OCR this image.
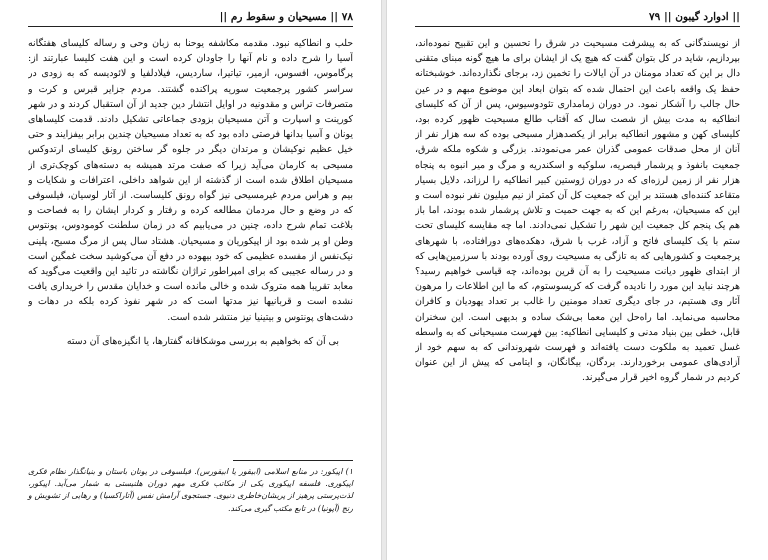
۷۸ || مسیحیان و سقوط رم ||

حلب و انطاکیه نبود. مقدمه مکاشفه یوحنا به زبان وحی و رساله کلیسای هفتگانه آسیا را شرح داده و نام آنها را جاودان کرده است و این هفت کلیسا عبارتند از: پرگاموس، افسوس، ازمیر، تیاتیرا، ساردیس، فیلادلفیا و لائودیسه که به زودی در سراسر کشور پرجمعیت سوریه پراکنده گشتند. مردم جزایر قبرس و کرت و متصرفات تراس و مقدونیه در اوایل انتشار دین جدید از آن استقبال کردند و در شهر کورینت و اسپارت و آتن مسیحیان بزودی جماعاتی تشکیل دادند. قدمت کلیساهای یونان و آسیا بدانها فرصتی داده بود که به تعداد مسیحیان چندین برابر بیفزایند و حتی خیل عظیم نوکیشان و مرتدان دیگر در جلوه گر ساختن رونق کلیسای ارتدوکس مسیحی به کارمان می‌آید زیرا که صفت مرتد همیشه به دسته‌های کوچک‌تری از مسیحیان اطلاق شده است از گذشته از این شواهد داخلی، اعترافات و شکایات و بیم و هراس مردم غیرمسیحی نیز گواه رونق کلیساست. از آثار لوسیان، فیلسوفی که در وضع و حال مردمان مطالعه کرده و رفتار و کردار ایشان را به فصاحت و بلاغت تمام شرح داده، چنین در می‌یابیم که در زمان سلطنت کومودوس، پونتوس وطن او پر شده بود از اپیکوریان و مسیحیان. هشتاد سال پس از مرگ مسیح، پلینی نیک‌نفس از مفسده عظیمی که خود بیهوده در دفع آن می‌کوشید سخت غمگین است و در رساله عجیبی که برای امپراطور تراژان نگاشته در تائید این واقعیت می‌گوید که معابد تقریبا همه متروک شده و خالی مانده است و خدایان مقدس را خریداری یافت نشده است و قربانیها نیز مدتها است که در شهر نفوذ کرده بلکه در دهات و دشت‌های پونتوس و بیتینیا نیز منتشر شده است.

بی آن که بخواهیم به بررسی موشکافانه گفتارها، یا انگیزه‌های آن دسته

۱) اپیکور: در منابع اسلامی (ابیقور یا ابیقورس). فیلسوفی در یونان باستان و بنیانگذار نظام فکری اپیکوری. فلسفه اپیکوری یکی از مکاتب فکری مهم دوران هلنیستی به شمار می‌آید. اپیکور، لذت‌پرستی پرهیز از پریشان‌خاطری دنیوی. جستجوی آرامش نفس (آتاراکسیا) و رهایی از تشویش و رنج (آپونیا) در تابع مکتب گیری می‌کند.
|| ادوارد گیبون || ۷۹

از نویسندگانی که به پیشرفت مسیحیت در شرق را تحسین و این تقبیح نموده‌اند، بپردازیم، شاید در کل بتوان گفت که هیچ یک از ایشان برای ما هیچ گونه مبنای متقنی دال بر این که تعداد مومنان در آن ایالات را تخمین زد، برجای نگذارده‌اند. خوشبختانه حفظ یک واقعه باعث این احتمال شده که بتوان ابعاد این موضوع مبهم و در عین حال جالب را آشکار نمود. در دوران زمامداری تئودوسیوس، پس از آن که کلیسای انطاکیه به مدت بیش از شصت سال که آفتاب طالع مسیحیت ظهور کرده بود، کلیسای کهن و مشهور انطاکیه برابر از یکصدهزار مسیحی بوده که سه هزار نفر از آنان از محل صدقات عمومی گذران عمر می‌نمودند. بزرگی و شکوه ملکه شرق، جمعیت بانفوذ و پرشمار قیصریه، سلوکیه و اسکندریه و مرگ و میر انبوه به پنجاه هزار نفر از زمین لرزه‌ای که در دوران ژوستین کبیر انطاکیه را لرزاند، دلایل بسیار متقاعد کننده‌ای هستند بر این که جمعیت کل آن کمتر از نیم میلیون نفر نبوده است و این که مسیحیان، به‌رغم این که به جهت حمیت و تلاش پرشمار شده بودند، اما باز هم یک پنجم کل جمعیت این شهر را تشکیل نمی‌دادند. اما چه مقایسه کلیسای تحت ستم با یک کلیسای فاتح و آزاد، غرب با شرق، دهکده‌های دورافتاده، با شهرهای پرجمعیت و کشورهایی که به تازگی به مسیحیت روی آورده بودند با سرزمین‌هایی که از ابتدای ظهور دیانت مسیحیت را به آن قرین بوده‌اند، چه قیاسی خواهیم رسید؟ هرچند نباید این مورد را نادیده گرفت که کریسوستوم، که ما این اطلاعات را مرهون آثار وی هستیم، در جای دیگری تعداد مومنین را غالب بر تعداد یهودیان و کافران محاسبه می‌نماید. اما راه‌حل این معما بی‌شک ساده و بدیهی است. این سخنران قابل، خطی بین بنیاد مدنی و کلیسایی انطاکیه: بین فهرست مسیحیانی که به واسطه غسل تعمید به ملکوت دست یافته‌اند و فهرست شهروندانی که به سهم خود از آزادی‌های عمومی برخوردارند. بردگان، بیگانگان، و ایتامی که پیش از این عنوان کردیم در شمار گروه اخیر قرار می‌گیرند.
